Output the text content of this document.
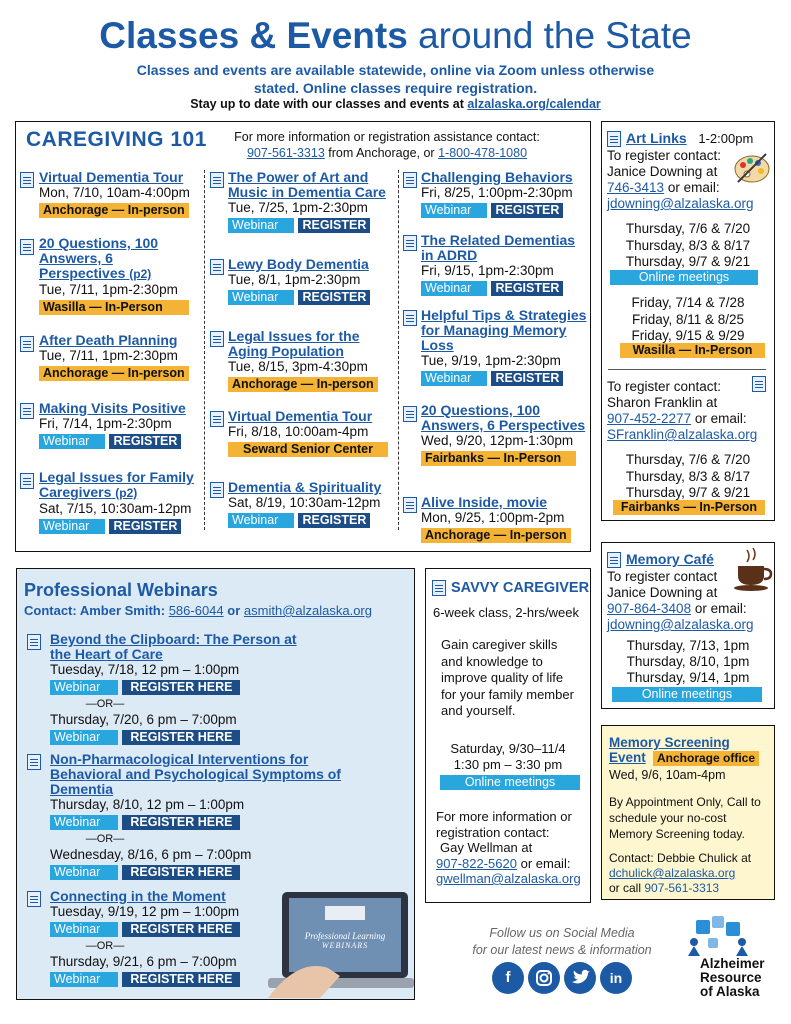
Classes & Events around the State
Classes and events are available statewide, online via Zoom unless otherwise stated. Online classes require registration.
Stay up to date with our classes and events at alzalaska.org/calendar
CAREGIVING 101	For more information or registration assistance contact:
907-561-3313 from Anchorage, or 1-800-478-1080
Virtual Dementia Tour
Mon, 7/10, 10am-4:00pm
Anchorage — In-person
20 Questions, 100 Answers, 6 Perspectives (p2)
Tue, 7/11, 1pm-2:30pm
Wasilla — In-Person
After Death Planning
Tue, 7/11, 1pm-2:30pm
Anchorage — In-person
Making Visits Positive
Fri, 7/14, 1pm-2:30pm
Webinar REGISTER
Legal Issues for Family Caregivers (p2)
Sat, 7/15, 10:30am-12pm
Webinar REGISTER
The Power of Art and Music in Dementia Care
Tue, 7/25, 1pm-2:30pm
Webinar REGISTER
Lewy Body Dementia
Tue, 8/1, 1pm-2:30pm
Webinar REGISTER
Legal Issues for the Aging Population
Tue, 8/15, 3pm-4:30pm
Anchorage — In-person
Virtual Dementia Tour
Fri, 8/18, 10:00am-4pm
Seward Senior Center
Dementia & Spirituality
Sat, 8/19, 10:30am-12pm
Webinar REGISTER
Challenging Behaviors
Fri, 8/25, 1:00pm-2:30pm
Webinar REGISTER
The Related Dementias in ADRD
Fri, 9/15, 1pm-2:30pm
Webinar REGISTER
Helpful Tips & Strategies for Managing Memory Loss
Tue, 9/19, 1pm-2:30pm
Webinar REGISTER
20 Questions, 100 Answers, 6 Perspectives
Wed, 9/20, 12pm-1:30pm
Fairbanks — In-Person
Alive Inside, movie
Mon, 9/25, 1:00pm-2pm
Anchorage — In-person
Art Links 1-2:00pm
To register contact: Janice Downing at
746-3413 or email:
jdowning@alzalaska.org
Thursday, 7/6 & 7/20
Thursday, 8/3 & 8/17
Thursday, 9/7 & 9/21
Online meetings
Friday, 7/14 & 7/28
Friday, 8/11 & 8/25
Friday, 9/15 & 9/29
Wasilla — In-Person
To register contact: Sharon Franklin at
907-452-2277 or email:
SFranklin@alzalaska.org
Thursday, 7/6 & 7/20
Thursday, 8/3 & 8/17
Thursday, 9/7 & 9/21
Fairbanks — In-Person
Memory Café
To register contact Janice Downing at
907-864-3408 or email:
jdowning@alzalaska.org
Thursday, 7/13, 1pm
Thursday, 8/10, 1pm
Thursday, 9/14, 1pm
Online meetings
Memory Screening Event Anchorage office
Wed, 9/6, 10am-4pm
By Appointment Only, Call to schedule your no-cost Memory Screening today.
Contact: Debbie Chulick at
dchulick@alzalaska.org
or call 907-561-3313
SAVVY CAREGIVER
6-week class, 2-hrs/week
Gain caregiver skills and knowledge to improve quality of life for your family member and yourself.
Saturday, 9/30–11/4
1:30 pm – 3:30 pm
Online meetings
For more information or registration contact:
Gay Wellman at
907-822-5620 or email:
gwellman@alzalaska.org
Professional Webinars
Contact: Amber Smith: 586-6044 or asmith@alzalaska.org
Beyond the Clipboard: The Person at the Heart of Care
Tuesday, 7/18, 12 pm – 1:00pm
Webinar REGISTER HERE
—OR—
Thursday, 7/20, 6 pm – 7:00pm
Webinar REGISTER HERE
Non-Pharmacological Interventions for Behavioral and Psychological Symptoms of Dementia
Thursday, 8/10, 12 pm – 1:00pm
Webinar REGISTER HERE
—OR—
Wednesday, 8/16, 6 pm – 7:00pm
Webinar REGISTER HERE
Professional Learning
WEBINARS
Connecting in the Moment
Tuesday, 9/19, 12 pm – 1:00pm
Webinar REGISTER HERE
—OR—
Thursday, 9/21, 6 pm – 7:00pm
Webinar REGISTER HERE
Follow us on Social Media
for our latest news & information
f	in
Alzheimer
Resource
of Alaska
